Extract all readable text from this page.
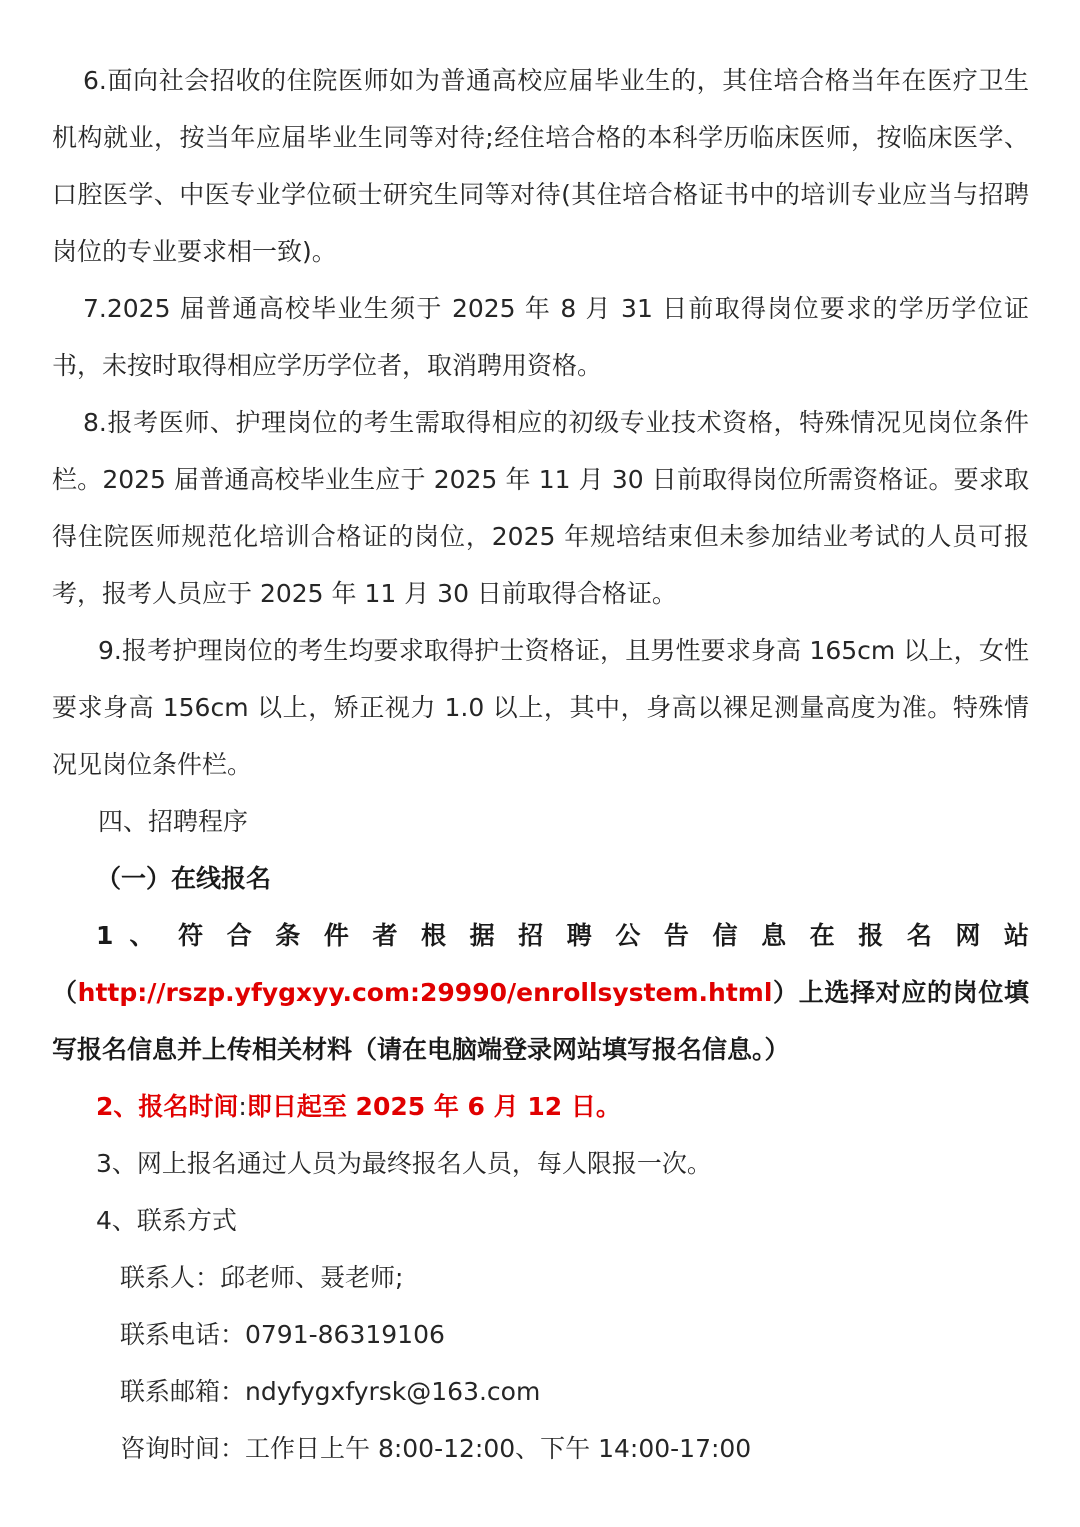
6.面向社会招收的住院医师如为普通高校应届毕业生的，其住培合格当年在医疗卫生机构就业，按当年应届毕业生同等对待;经住培合格的本科学历临床医师，按临床医学、口腔医学、中医专业学位硕士研究生同等对待(其住培合格证书中的培训专业应当与招聘岗位的专业要求相一致)。

7.2025 届普通高校毕业生须于 2025 年 8 月 31 日前取得岗位要求的学历学位证书，未按时取得相应学历学位者，取消聘用资格。

8.报考医师、护理岗位的考生需取得相应的初级专业技术资格，特殊情况见岗位条件栏。2025 届普通高校毕业生应于 2025 年 11 月 30 日前取得岗位所需资格证。要求取得住院医师规范化培训合格证的岗位，2025 年规培结束但未参加结业考试的人员可报考，报考人员应于 2025 年 11 月 30 日前取得合格证。

9.报考护理岗位的考生均要求取得护士资格证，且男性要求身高 165cm 以上，女性要求身高 156cm 以上，矫正视力 1.0 以上，其中，身高以裸足测量高度为准。特殊情况见岗位条件栏。

四、招聘程序

（一）在线报名

1 、 符 合 条 件 者 根 据 招 聘 公 告 信 息 在 报 名 网 站

（http://rszp.yfygxyy.com:29990/enrollsystem.html）上选择对应的岗位填写报名信息并上传相关材料（请在电脑端登录网站填写报名信息。）

2、报名时间:即日起至 2025 年 6 月 12 日。

3、网上报名通过人员为最终报名人员，每人限报一次。

4、联系方式

联系人：邱老师、聂老师;

联系电话：0791-86319106

联系邮箱：ndyfygxfyrsk@163.com

咨询时间：工作日上午 8:00-12:00、下午 14:00-17:00
